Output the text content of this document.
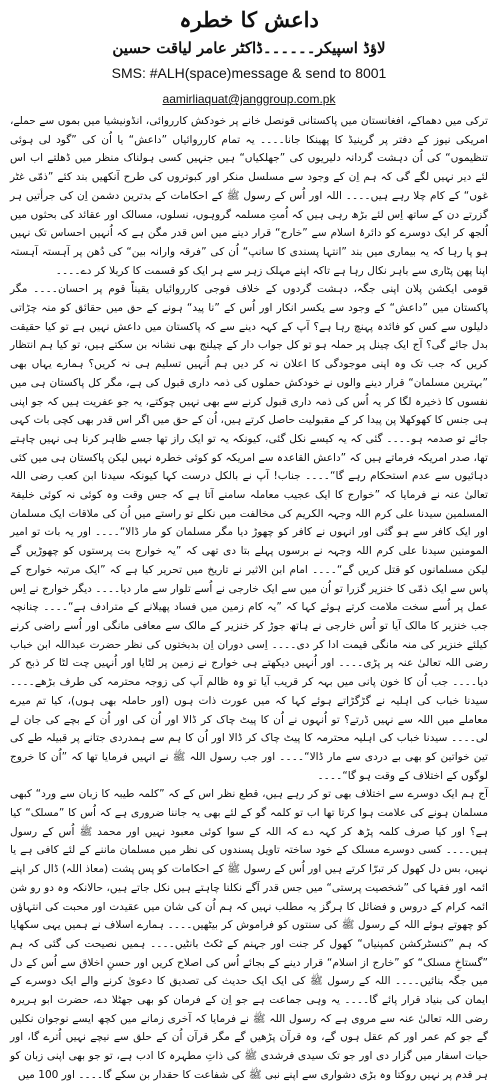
داعش کا خطرہ
لاؤڈ اسپیکر۔۔۔۔۔۔ڈاکٹر عامر لیاقت حسین
SMS: #ALH(space)message & send to 8001
aamirliaquat@janggroup.com.pk

ترکی میں دھماکے، افغانستان میں پاکستانی قونصل خانے پر خودکش کارروائی، انڈونیشیا میں بموں سے حملے، امریکی نیوز کے دفتر پر گرینیڈ کا پھینکا جانا۔۔۔۔ یہ تمام کارروائیاں ”داعش“ یا اُن کی ”گود لی ہوئی تنظیموں“ کی اُن دہشت گردانہ دلیریوں کی ”جھلکیاں“ ہیں جنہیں کسی ہولناک منظر میں ڈھلتے اب اس لئے دیر نہیں لگے گی کہ ہم اِن کے وجود سے مسلسل منکر اور کبوتروں کی طرح آنکھیں بند کئے ”ذمّی غٹر غوں“ کے کام چلا رہے ہیں۔۔۔۔ اللہ اور اُس کے رسول ﷺ کے احکامات کے بدترین دشمن اِن کی جرأتیں ہر گزرتے دن کے ساتھ اِس لئے بڑھ رہی ہیں کہ اُمتِ مسلمہ گروہوں، نسلوں، مسالک اور عقائد کی بحثوں میں اُلجھ کر ایک دوسرے کو دائرۂ اسلام سے ”خارج“ قرار دینے میں اس قدر مگن ہے کہ اُنہیں احساس تک نہیں ہو پا رہا کہ یہ بیماری میں بند ”انتہا پسندی کا سانپ“ اُن کی ”فرقہ وارانہ بین“ کی دُھن پر آہستہ آہستہ اپنا پھن پٹاری سے باہر نکال رہا ہے تاکہ اپنے مہلک زہر سے ہر ایک کو قسمت کا کربلا کر دے۔۔۔۔

قومی ایکشن پلان اپنی جگہ، دہشت گردوں کے خلاف فوجی کارروائیاں یقیناً قوم پر احسان۔۔۔۔ مگر پاکستان میں ”داعش“ کے وجود سے یکسر انکار اور اُس کے ”نا پید“ ہونے کے حق میں حقائق کو منہ چڑاتی دلیلوں سے کس کو فائدہ پہنچ رہا ہے؟ آپ کے کہہ دینے سے کہ پاکستان میں داعش نہیں ہے تو کیا حقیقت بدل جائے گی؟ آج ایک چینل پر حملہ ہو تو کل جواب دار کے چیلنج بھی نشانہ بن سکتے ہیں، تو کیا ہم انتظار کریں کہ جب تک وہ اپنی موجودگی کا اعلان نہ کر دیں ہم اُنہیں تسلیم ہی نہ کریں؟ ہمارے یہاں بھی ”بہترین مسلمان“ قرار دینے والوں نے خودکش حملوں کی ذمہ داری قبول کی ہے، مگر کل پاکستان ہی میں نفسوں کا ذخیرہ لگا کر یہ اُس کی ذمہ داری قبول کرنے سے بھی نہیں چوکتے، یہ جو عفریت ہیں کہ جو اپنی ہی جنس کا کھوکھلا پن پیدا کر کے مقبولیت حاصل کرتے ہیں، اُن کے حق میں اگر اس قدر بھی کچی بات کہی جائے تو صدمہ ہو۔۔۔۔ گئی کہ یہ کیسے نکل گئی، کیونکہ یہ تو ایک راز تھا جسے ظاہر کرنا ہی نہیں چاہتے تھا، صدر امریکہ فرماتے ہیں کہ ”داعش القاعدہ سے امریکہ کو کوئی خطرہ نہیں لیکن پاکستان ہی میں کئی دہائیوں سے عدم استحکام رہے گا“۔۔۔۔ جناب! آپ نے بالکل درست کہا کیونکہ سیدنا ابن کعب رضی اللہ تعالیٰ عنہ نے فرمایا کہ ”خوارج کا ایک عجیب معاملہ سامنے آتا ہے کہ جس وقت وہ کوئی نہ کوئی خلیفۃ المسلمین سیدنا علی کرم اللہ وجہہ الکریم کی مخالفت میں نکلے تو راستے میں اُن کی ملاقات ایک مسلمان اور ایک کافر سے ہو گئی اور انہوں نے کافر کو چھوڑ دیا مگر مسلمان کو مار ڈالا“۔۔۔۔ اور یہ بات تو امیر المومنین سیدنا علی کرم اللہ وجہہ نے برسوں پہلے بتا دی تھی کہ ”یہ خوارج بت پرستوں کو چھوڑیں گے لیکن مسلمانوں کو قتل کریں گے“۔۔۔۔ امام ابن الاثیر نے تاریخ میں تحریر کیا ہے کہ ”ایک مرتبہ خوارج کے پاس سے ایک ذمّی کا خنزیر گزرا تو اُن میں سے ایک خارجی نے اُسے تلوار سے مار دیا۔۔۔۔ دیگر خوارج نے اِس عمل پر اُسے سخت ملامت کرتے ہوئے کہا کہ ”یہ کام زمین میں فساد پھیلانے کے مترادف ہے“۔۔۔۔ چنانچہ جب خنزیر کا مالک آیا تو اُس خارجی نے ہاتھ جوڑ کر خنزیر کے مالک سے معافی مانگی اور اُسے راضی کرنے کیلئے خنزیر کی منہ مانگی قیمت ادا کر دی۔۔۔۔ اِسی دوران اِن بدبختوں کی نظر حضرت عبداللہ ابن خباب رضی اللہ تعالیٰ عنہ پر پڑی۔۔۔۔ اور اُنہیں دیکھتے ہی خوارج نے زمین پر لٹایا اور اُنہیں چت لٹا کر ذبح کر دیا۔۔۔۔ جب اُن کا خون پانی میں بہہ کر قریب آیا تو وہ ظالم آپ کی زوجہ محترمہ کی طرف بڑھے۔۔۔۔ سیدنا خباب کی اہلیہ نے گڑگڑاتے ہوئے کہا کہ میں عورت ذات ہوں (اور حاملہ بھی ہوں)، کیا تم میرے معاملے میں اللہ سے نہیں ڈرتے؟ تو اُنہوں نے اُن کا پیٹ چاک کر ڈالا اور اُن کی اور اُن کے بچے کی جان لے لی۔۔۔۔ سیدنا خباب کی اہلیہ محترمہ کا پیٹ چاک کر ڈالا اور اُن کا ہم سے ہمدردی جتانے پر قبیلہ طے کی تین خواتین کو بھی بے دردی سے مار ڈالا“۔۔۔۔ اور جب رسول اللہ ﷺ نے انہیں فرمایا تھا کہ ”اُن کا خروج لوگوں کے اختلاف کے وقت ہو گا“۔۔۔۔

آج ہم ایک دوسرے سے اختلاف بھی تو کر رہے ہیں، قطع نظر اس کے کہ ”کلمہ طیبہ کا زبان سے ورد“ کبھی مسلمان ہونے کی علامت ہوا کرتا تھا اب تو کلمہ گو کے لئے بھی یہ جاننا ضروری ہے کہ اُس کا ”مسلک“ کیا ہے؟ اور کیا صرف کلمہ پڑھ کر کہہ دے کہ اللہ کے سوا کوئی معبود نہیں اور محمد ﷺ اُس کے رسول ہیں۔۔۔۔ کسی دوسرے مسلک کے خود ساختہ تاویل پسندوں کی نظر میں مسلمان ماننے کے لئے کافی ہے یا نہیں، بس دل کھول کر تبرّا کرتے ہیں اور اُس کے رسول ﷺ کے احکامات کو پس پشت (معاذ اللہ) ڈال کر اپنے ائمہ اور فقہا کی ”شخصیت پرستی“ میں جس قدر آگے نکلنا چاہتے ہیں نکل جاتے ہیں، حالانکہ وہ دو رو شن ائمہ کرام کے دروس و فضائل کا ہرگز یہ مطلب نہیں کہ ہم اُن کی شان میں عقیدت اور محبت کی انتہاؤں کو چھوتے ہوئے اللہ کے رسول ﷺ کی سنتوں کو فراموش کر بیٹھیں۔۔۔۔ ہمارے اسلاف نے ہمیں یہی سکھایا کہ ہم ”کنسٹرکشن کمپنیاں“ کھول کر جنت اور جہنم کے ٹکٹ بانٹیں۔۔۔۔ ہمیں نصیحت کی گئی کہ ہم ”گستاخِ مسلک“ کو ”خارج از اسلام“ قرار دینے کے بجائے اُس کی اصلاح کریں اور حسنِ اخلاق سے اُس کے دل میں جگہ بنائیں۔۔۔۔ اللہ کے رسول ﷺ کی ایک ایک حدیث کی تصدیق کا دعویٰ کرنے والے ایک دوسرے کے ایمان کی بنیاد قرار پائے گا۔۔۔۔ یہ وہی جماعت ہے جو اِن کے فرمان کو بھی جھٹلا دے، حضرت ابو ہریرہ رضی اللہ تعالیٰ عنہ سے مروی ہے کہ رسول اللہ ﷺ نے فرمایا کہ آخری زمانے میں کچھ ایسے نوجوان نکلیں گے جو کم عمر اور کم عقل ہوں گے، وہ قرآن پڑھیں گے مگر قرآن اُن کے حلق سے نیچے نہیں اُترے گا، اور حیات اسفار میں گزار دی اور جو تک سیدی فرشدی ﷺ کی ذاتِ مطہرہ کا ادب ہے، تو جو بھی اپنی زبان کو ہر قدم پر نہیں روکتا وہ بڑی دشواری سے اپنے نبی ﷺ کی شفاعت کا حقدار بن سکے گا۔۔۔۔ اور 100 میں
